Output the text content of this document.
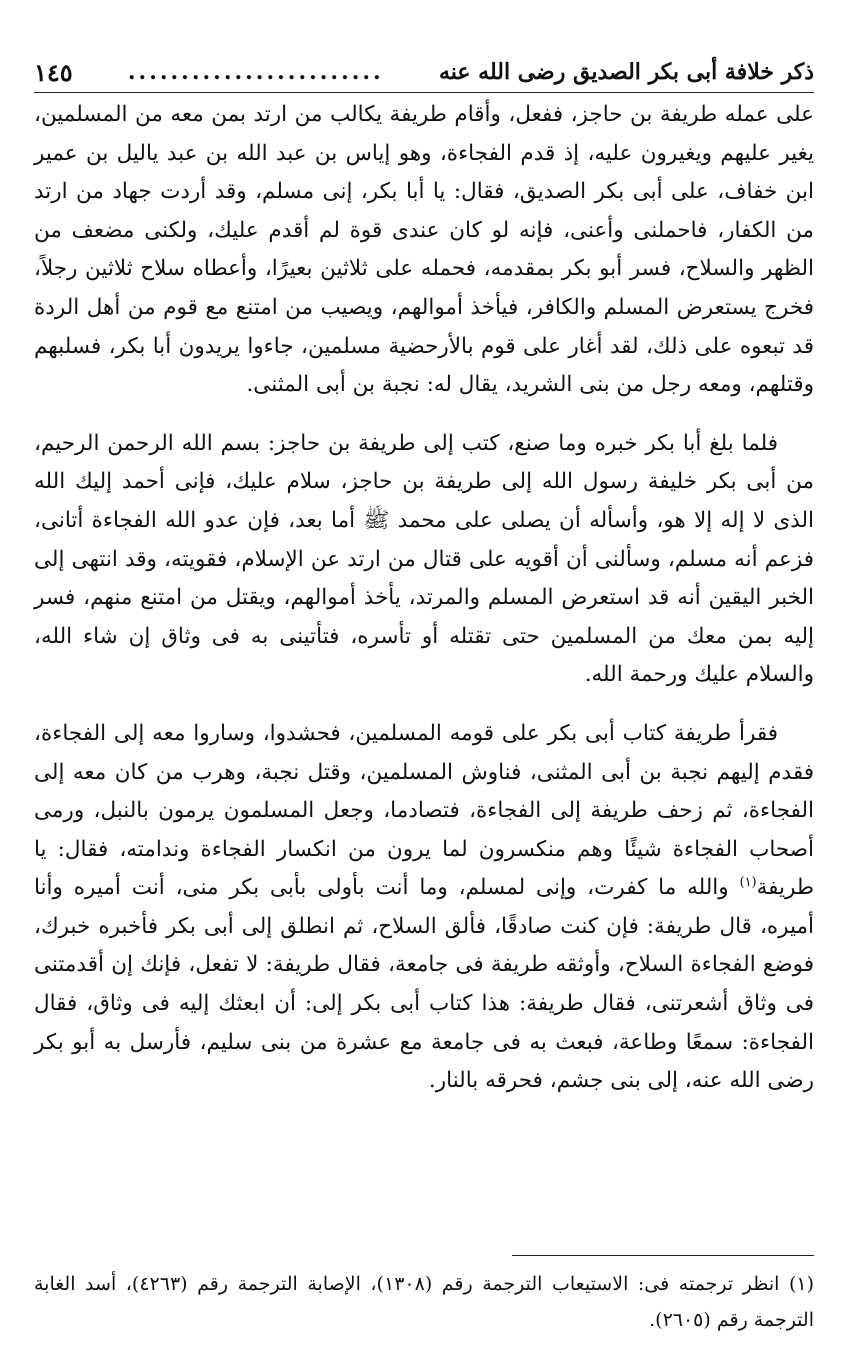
ذكر خلافة أبى بكر الصديق رضى الله عنه
........................
١٤٥

على عمله طريفة بن حاجز، ففعل، وأقام طريفة يكالب من ارتد بمن معه من المسلمين، يغير عليهم ويغيرون عليه، إذ قدم الفجاءة، وهو إياس بن عبد الله بن عبد ياليل بن عمير ابن خفاف، على أبى بكر الصديق، فقال: يا أبا بكر، إنى مسلم، وقد أردت جهاد من ارتد من الكفار، فاحملنى وأعنى، فإنه لو كان عندى قوة لم أقدم عليك، ولكنى مضعف من الظهر والسلاح، فسر أبو بكر بمقدمه، فحمله على ثلاثين بعيرًا، وأعطاه سلاح ثلاثين رجلاً، فخرج يستعرض المسلم والكافر، فيأخذ أموالهم، ويصيب من امتنع مع قوم من أهل الردة قد تبعوه على ذلك، لقد أغار على قوم بالأرحضية مسلمين، جاءوا يريدون أبا بكر، فسلبهم وقتلهم، ومعه رجل من بنى الشريد، يقال له: نجبة بن أبى المثنى.

فلما بلغ أبا بكر خبره وما صنع، كتب إلى طريفة بن حاجز: بسم الله الرحمن الرحيم، من أبى بكر خليفة رسول الله إلى طريفة بن حاجز، سلام عليك، فإنى أحمد إليك الله الذى لا إله إلا هو، وأسأله أن يصلى على محمد ﷺ أما بعد، فإن عدو الله الفجاءة أتانى، فزعم أنه مسلم، وسألنى أن أقويه على قتال من ارتد عن الإسلام، فقويته، وقد انتهى إلى الخبر اليقين أنه قد استعرض المسلم والمرتد، يأخذ أموالهم، ويقتل من امتنع منهم، فسر إليه بمن معك من المسلمين حتى تقتله أو تأسره، فتأتينى به فى وثاق إن شاء الله، والسلام عليك ورحمة الله.

فقرأ طريفة كتاب أبى بكر على قومه المسلمين، فحشدوا، وساروا معه إلى الفجاءة، فقدم إليهم نجبة بن أبى المثنى، فناوش المسلمين، وقتل نجبة، وهرب من كان معه إلى الفجاءة، ثم زحف طريفة إلى الفجاءة، فتصادما، وجعل المسلمون يرمون بالنبل، ورمى أصحاب الفجاءة شيئًا وهم منكسرون لما يرون من انكسار الفجاءة وندامته، فقال: يا طريفة$^{(١)}$ والله ما كفرت، وإنى لمسلم، وما أنت بأولى بأبى بكر منى، أنت أميره وأنا أميره، قال طريفة: فإن كنت صادقًا، فألق السلاح، ثم انطلق إلى أبى بكر فأخبره خبرك، فوضع الفجاءة السلاح، وأوثقه طريفة فى جامعة، فقال طريفة: لا تفعل، فإنك إن أقدمتنى فى وثاق أشعرتنى، فقال طريفة: هذا كتاب أبى بكر إلى: أن ابعثك إليه فى وثاق، فقال الفجاءة: سمعًا وطاعة، فبعث به فى جامعة مع عشرة من بنى سليم، فأرسل به أبو بكر رضى الله عنه، إلى بنى جشم، فحرقه بالنار.

(١) انظر ترجمته فى: الاستيعاب الترجمة رقم (١٣٠٨)، الإصابة الترجمة رقم (٤٢٦٣)، أسد الغابة الترجمة رقم (٢٦٠٥).
